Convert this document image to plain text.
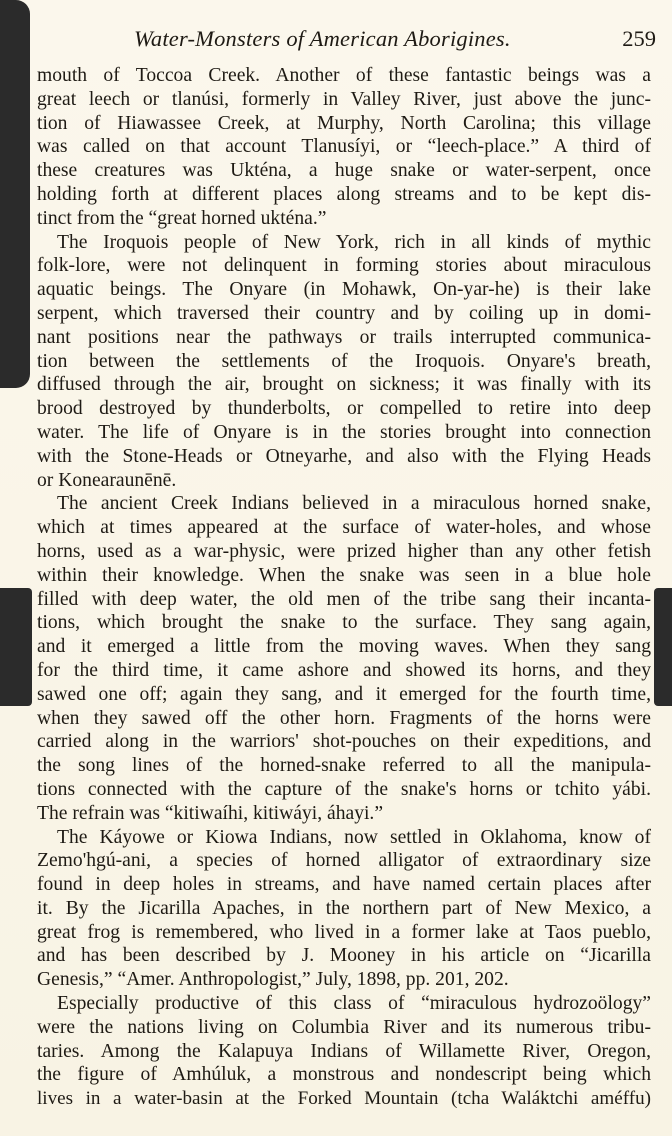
Water-Monsters of American Aborigines.	259
mouth of Toccoa Creek. Another of these fantastic beings was a
great leech or tlanúsi, formerly in Valley River, just above the junc-
tion of Hiawassee Creek, at Murphy, North Carolina; this village
was called on that account Tlanusíyi, or “leech-place.” A third of
these creatures was Ukténa, a huge snake or water-serpent, once
holding forth at different places along streams and to be kept dis-
tinct from the “great horned ukténa.”
The Iroquois people of New York, rich in all kinds of mythic
folk-lore, were not delinquent in forming stories about miraculous
aquatic beings. The Onyare (in Mohawk, On-yar-he) is their lake
serpent, which traversed their country and by coiling up in domi-
nant positions near the pathways or trails interrupted communica-
tion between the settlements of the Iroquois. Onyare's breath,
diffused through the air, brought on sickness; it was finally with its
brood destroyed by thunderbolts, or compelled to retire into deep
water. The life of Onyare is in the stories brought into connection
with the Stone-Heads or Otneyarhe, and also with the Flying Heads
or Konearaunēnē.
The ancient Creek Indians believed in a miraculous horned snake,
which at times appeared at the surface of water-holes, and whose
horns, used as a war-physic, were prized higher than any other fetish
within their knowledge. When the snake was seen in a blue hole
filled with deep water, the old men of the tribe sang their incanta-
tions, which brought the snake to the surface. They sang again,
and it emerged a little from the moving waves. When they sang
for the third time, it came ashore and showed its horns, and they
sawed one off; again they sang, and it emerged for the fourth time,
when they sawed off the other horn. Fragments of the horns were
carried along in the warriors' shot-pouches on their expeditions, and
the song lines of the horned-snake referred to all the manipula-
tions connected with the capture of the snake's horns or tchito yábi.
The refrain was “kitiwaíhi, kitiwáyi, áhayi.”
The Káyowe or Kiowa Indians, now settled in Oklahoma, know of
Zemo'hgú-ani, a species of horned alligator of extraordinary size
found in deep holes in streams, and have named certain places after
it. By the Jicarilla Apaches, in the northern part of New Mexico, a
great frog is remembered, who lived in a former lake at Taos pueblo,
and has been described by J. Mooney in his article on “Jicarilla
Genesis,” “Amer. Anthropologist,” July, 1898, pp. 201, 202.
Especially productive of this class of “miraculous hydrozoölogy”
were the nations living on Columbia River and its numerous tribu-
taries. Among the Kalapuya Indians of Willamette River, Oregon,
the figure of Amhúluk, a monstrous and nondescript being which
lives in a water-basin at the Forked Mountain (tcha Waláktchi améffu)
